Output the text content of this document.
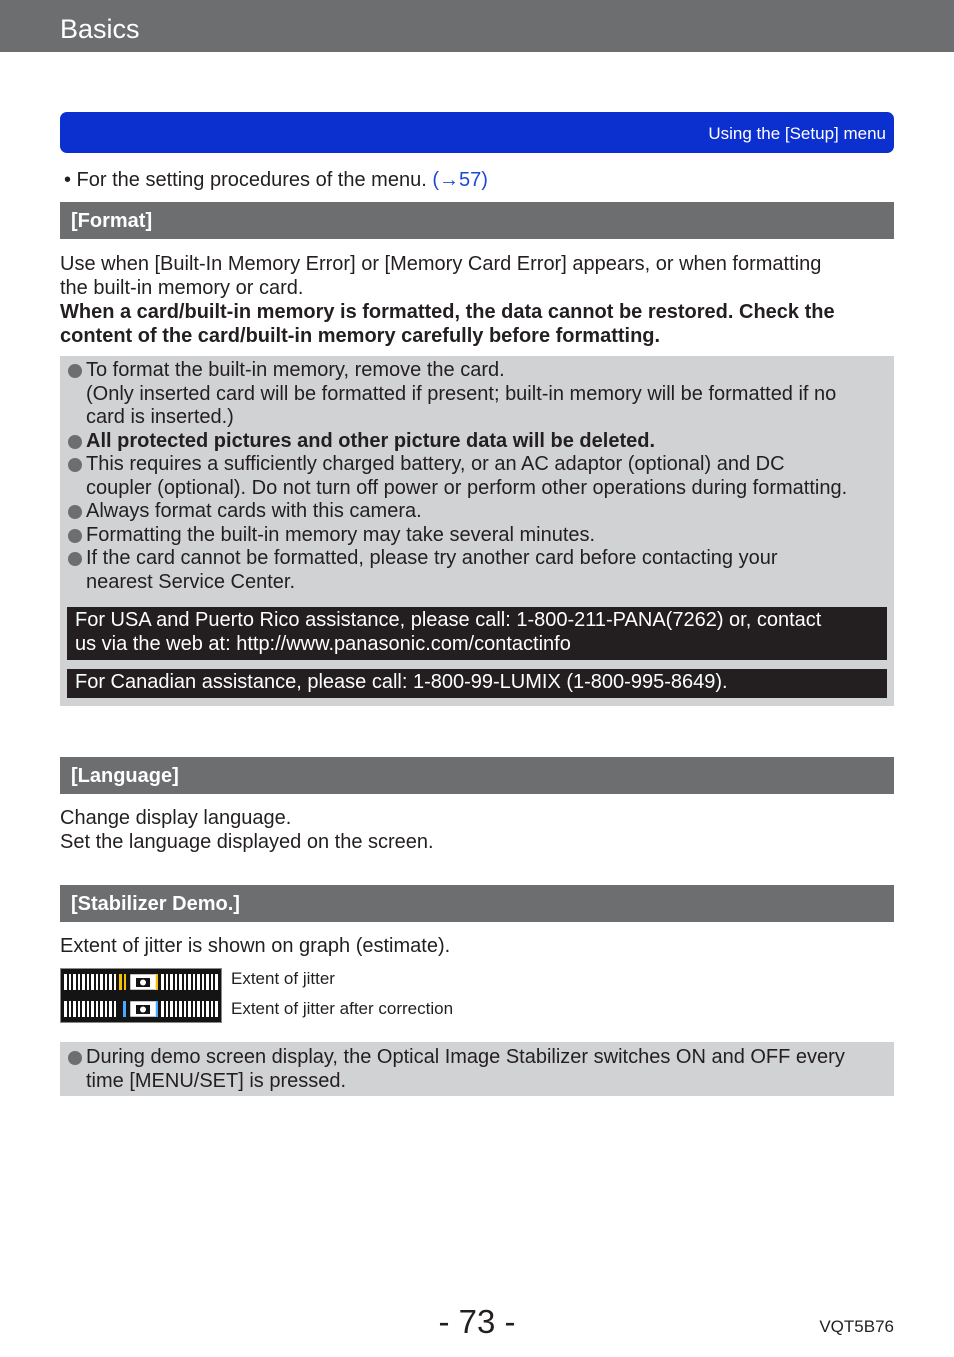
Basics
Using the [Setup] menu
• For the setting procedures of the menu. (→57)
[Format]
Use when [Built-In Memory Error] or [Memory Card Error] appears, or when formatting
the built-in memory or card.
When a card/built-in memory is formatted, the data cannot be restored. Check the
content of the card/built-in memory carefully before formatting.
To format the built-in memory, remove the card.
(Only inserted card will be formatted if present; built-in memory will be formatted if no
card is inserted.)
All protected pictures and other picture data will be deleted.
This requires a sufficiently charged battery, or an AC adaptor (optional) and DC
coupler (optional). Do not turn off power or perform other operations during formatting.
Always format cards with this camera.
Formatting the built-in memory may take several minutes.
If the card cannot be formatted, please try another card before contacting your
nearest Service Center.
For USA and Puerto Rico assistance, please call: 1-800-211-PANA(7262) or, contact
us via the web at: http://www.panasonic.com/contactinfo
For Canadian assistance, please call: 1-800-99-LUMIX (1-800-995-8649).
[Language]
Change display language.
Set the language displayed on the screen.
[Stabilizer Demo.]
Extent of jitter is shown on graph (estimate).
Extent of jitter
Extent of jitter after correction
During demo screen display, the Optical Image Stabilizer switches ON and OFF every
time [MENU/SET] is pressed.
- 73 -	VQT5B76
